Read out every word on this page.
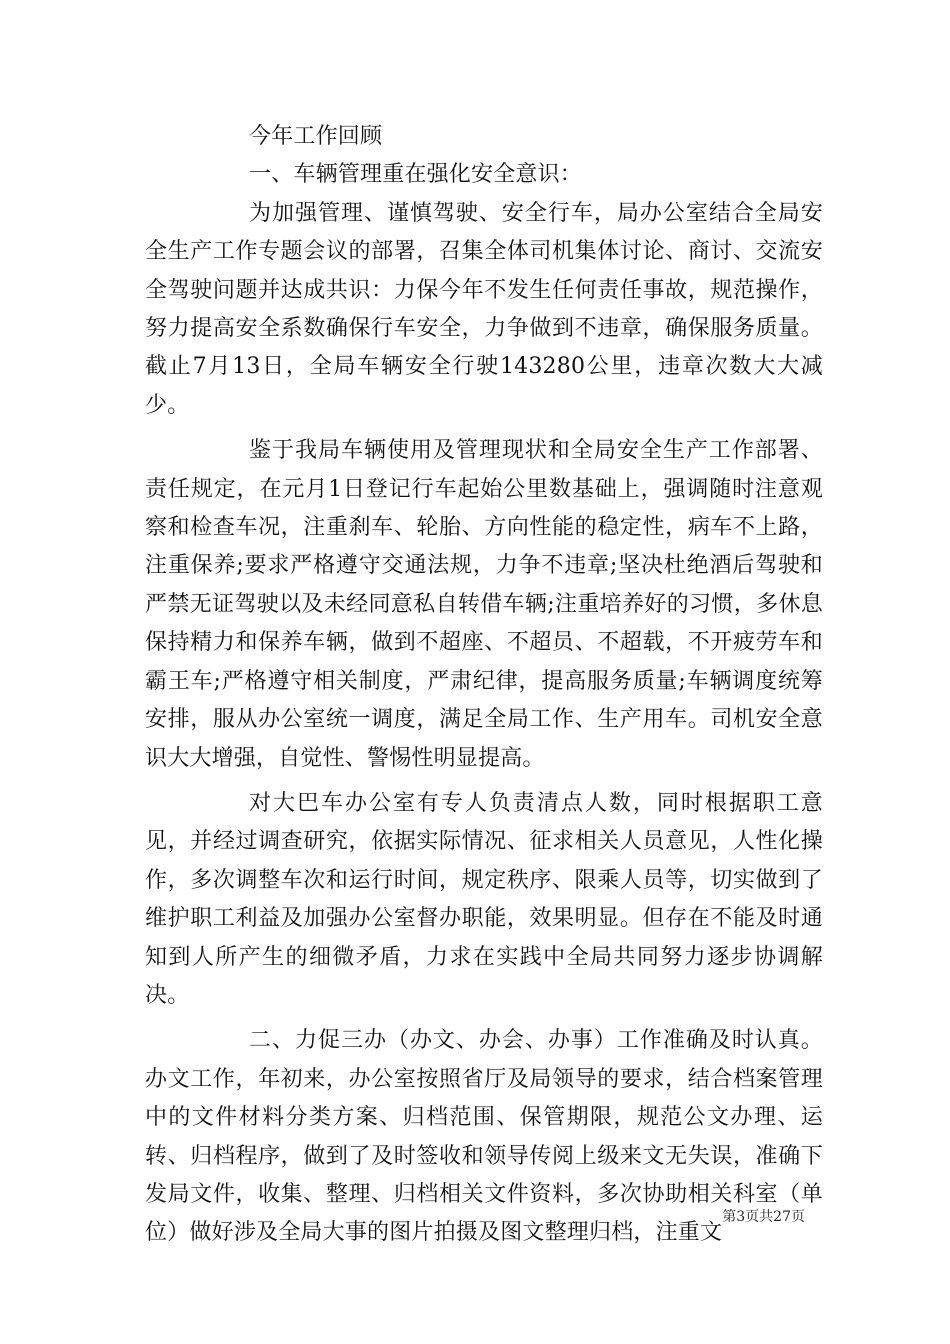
今年工作回顾

一、车辆管理重在强化安全意识：

为加强管理、谨慎驾驶、安全行车，局办公室结合全局安全生产工作专题会议的部署，召集全体司机集体讨论、商讨、交流安全驾驶问题并达成共识：力保今年不发生任何责任事故，规范操作，努力提高安全系数确保行车安全，力争做到不违章，确保服务质量。截止7月13日，全局车辆安全行驶143280公里，违章次数大大减少。

鉴于我局车辆使用及管理现状和全局安全生产工作部署、责任规定，在元月1日登记行车起始公里数基础上，强调随时注意观察和检查车况，注重刹车、轮胎、方向性能的稳定性，病车不上路，注重保养;要求严格遵守交通法规，力争不违章;坚决杜绝酒后驾驶和严禁无证驾驶以及未经同意私自转借车辆;注重培养好的习惯，多休息保持精力和保养车辆，做到不超座、不超员、不超载，不开疲劳车和霸王车;严格遵守相关制度，严肃纪律，提高服务质量;车辆调度统筹安排，服从办公室统一调度，满足全局工作、生产用车。司机安全意识大大增强，自觉性、警惕性明显提高。

对大巴车办公室有专人负责清点人数，同时根据职工意见，并经过调查研究，依据实际情况、征求相关人员意见，人性化操作，多次调整车次和运行时间，规定秩序、限乘人员等，切实做到了维护职工利益及加强办公室督办职能，效果明显。但存在不能及时通知到人所产生的细微矛盾，力求在实践中全局共同努力逐步协调解决。

二、力促三办（办文、办会、办事）工作准确及时认真。办文工作，年初来，办公室按照省厅及局领导的要求，结合档案管理中的文件材料分类方案、归档范围、保管期限，规范公文办理、运转、归档程序，做到了及时签收和领导传阅上级来文无失误，准确下发局文件，收集、整理、归档相关文件资料，多次协助相关科室（单位）做好涉及全局大事的图片拍摄及图文整理归档，注重文

第3页共27页
